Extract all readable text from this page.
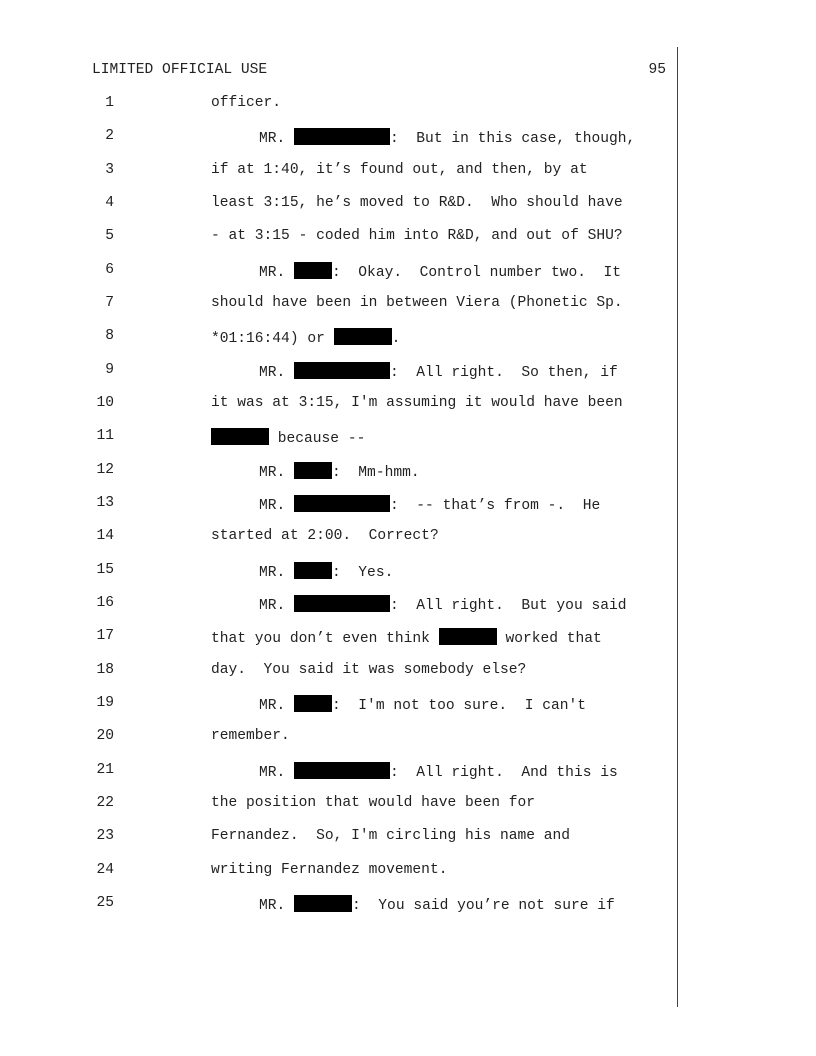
LIMITED OFFICIAL USE	95
1	officer.
2	MR.	:  But in this case, though,
3	if at 1:40, it’s found out, and then, by at
4	least 3:15, he’s moved to R&D.  Who should have
5	- at 3:15 - coded him into R&D, and out of SHU?
6	MR.	:  Okay.  Control number two.  It
7	should have been in between Viera (Phonetic Sp.
8	*01:16:44) or	.
9	MR.	:  All right.  So then, if
10	it was at 3:15, I'm assuming it would have been
11	because --
12	MR.	:  Mm-hmm.
13	MR.	:  -- that’s from -.  He
14	started at 2:00.  Correct?
15	MR.	:  Yes.
16	MR.	:  All right.  But you said
17	that you don’t even think	worked that
18	day.  You said it was somebody else?
19	MR.	:  I'm not too sure.  I can't
20	remember.
21	MR.	:  All right.  And this is
22	the position that would have been for
23	Fernandez.  So, I'm circling his name and
24	writing Fernandez movement.
25	MR.	:  You said you’re not sure if
